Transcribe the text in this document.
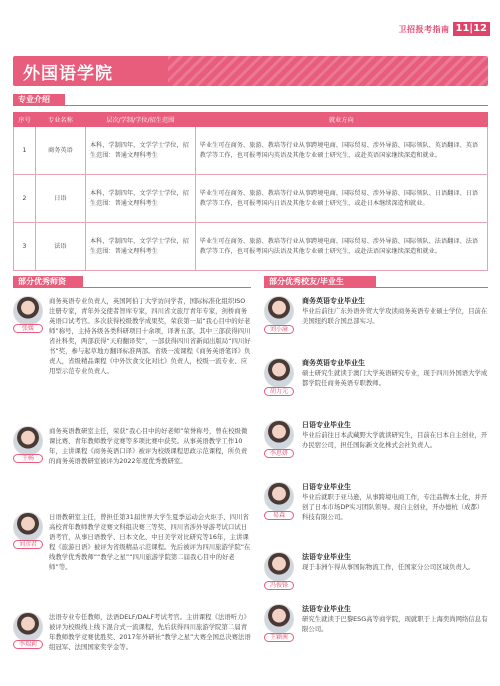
卫招报考指南 11|12
外国语学院
专业介绍
序号	专业名称	层次/学制/学位/招生范围	就业方向
1	商务英语	本科，学制四年，文学学士学位，招生范围：普通文理科考生	毕业生可在商务、旅游、教培等行业从事跨境电商、国际贸易、涉外导游、国际领队、英语翻译、英语教学等工作，也可报考国内英语及其他专业硕士研究生，或赴英语国家继续深造和就业。
2	日语	本科，学制四年，文学学士学位，招生范围：普通文理科考生	毕业生可在商务、旅游、教培等行业从事跨境电商、国际贸易、涉外导游、国际领队、日语翻译、日语教学等工作，也可报考国内日语及其他专业硕士研究生，或赴日本继续深造和就业。
3	法语	本科，学制四年，文学学士学位，招生范围：普通文理科考生	毕业生可在商务、旅游、教培等行业从事跨境电商、国际贸易、涉外导游、国际领队、法语翻译、法语教学等工作，也可报考国内法语及其他专业硕士研究生，或赴法语国家继续深造和就业。
部分优秀师资	部分优秀校友/毕业生
张媛
商务英语专业负责人，英国阿伯丁大学访问学者，国际标准化组织ISO注册专家，青年外交使者智库专家，四川省文旅厅青年专家，剑桥商务英语口试考官。多次获得校级教学成果奖，荣获第一届“我心目中的好老师”称号，主持各级各类科研项目十余项，译著五部，其中三部获得四川省社科奖，两部获得“天府翻译奖”，一部获得四川省新闻出版局“四川好书”奖，参与起草地方翻译标准两部。省级一流课程《商务英语笔译》负责人，省级精品课程《中外饮食文化对比》负责人，校级一流专业、应用型示范专业负责人。
王畅
商务英语教研室主任，荣获“我心目中的好老师”荣誉称号，曾在校级微课比赛、青年教师教学竞赛等多项比赛中获奖。从事英语教学工作10年，主讲课程《商务英语口译》被评为校级课程思政示范课程，所负责的商务英语教研室被评为2022年度优秀教研室。
刘彦君
日语教研室主任，曾担任第31届世界大学生夏季运动会火炬手、四川省高校青年教师教学竞赛文科组决赛三等奖、四川省涉外导游考试口试日语考官，从事日语教学、日本文化、中日美学对比研究等16年，主讲课程《旅游日语》被评为省级精品示范课程。先后被评为四川旅游学院“在线教学优秀教师”“教学之星”“四川旅游学院第二届我心目中的好老师”等。
李瑞莉
法语专业专任教师，法语DELF/DALF考试考官。主讲课程《法语听力》被评为校级线上线下混合式一流课程，先后获得四川旅游学院第二届青年教师教学竞赛优胜奖、2017年外研社“教学之星”大赛全国总决赛法语组冠军、法国国家奖学金等。
刘小渝
商务英语专业毕业生
毕业后前往广东外语外贸大学攻读商务英语专业硕士学位，目前在美国纽约联合国总部实习。
胡力元
商务英语专业毕业生
硕士研究生就读于澳门大学英语研究专业，现于四川外国语大学成都学院任商务英语专职教师。
李思妍
日语专业毕业生
毕业后前往日本武藏野大学就读研究生，目前在日本自主创业，开办民宿公司，担任国际新文化株式会社负责人。
易森
日语专业毕业生
毕业后就职于亚马逊，从事跨境电商工作，专注品牌本土化，并开创了日本市场DP实习团队领导。现自主创业，开办德杭（成都）科技有限公司。
冯俊锋
法语专业毕业生
现于非洲乍得从事国际物流工作，任国家分公司区域负责人。
王颖茜
法语专业毕业生
研究生就读于巴黎ESG高等商学院，现就职于上海奕尚网络信息有限公司。
